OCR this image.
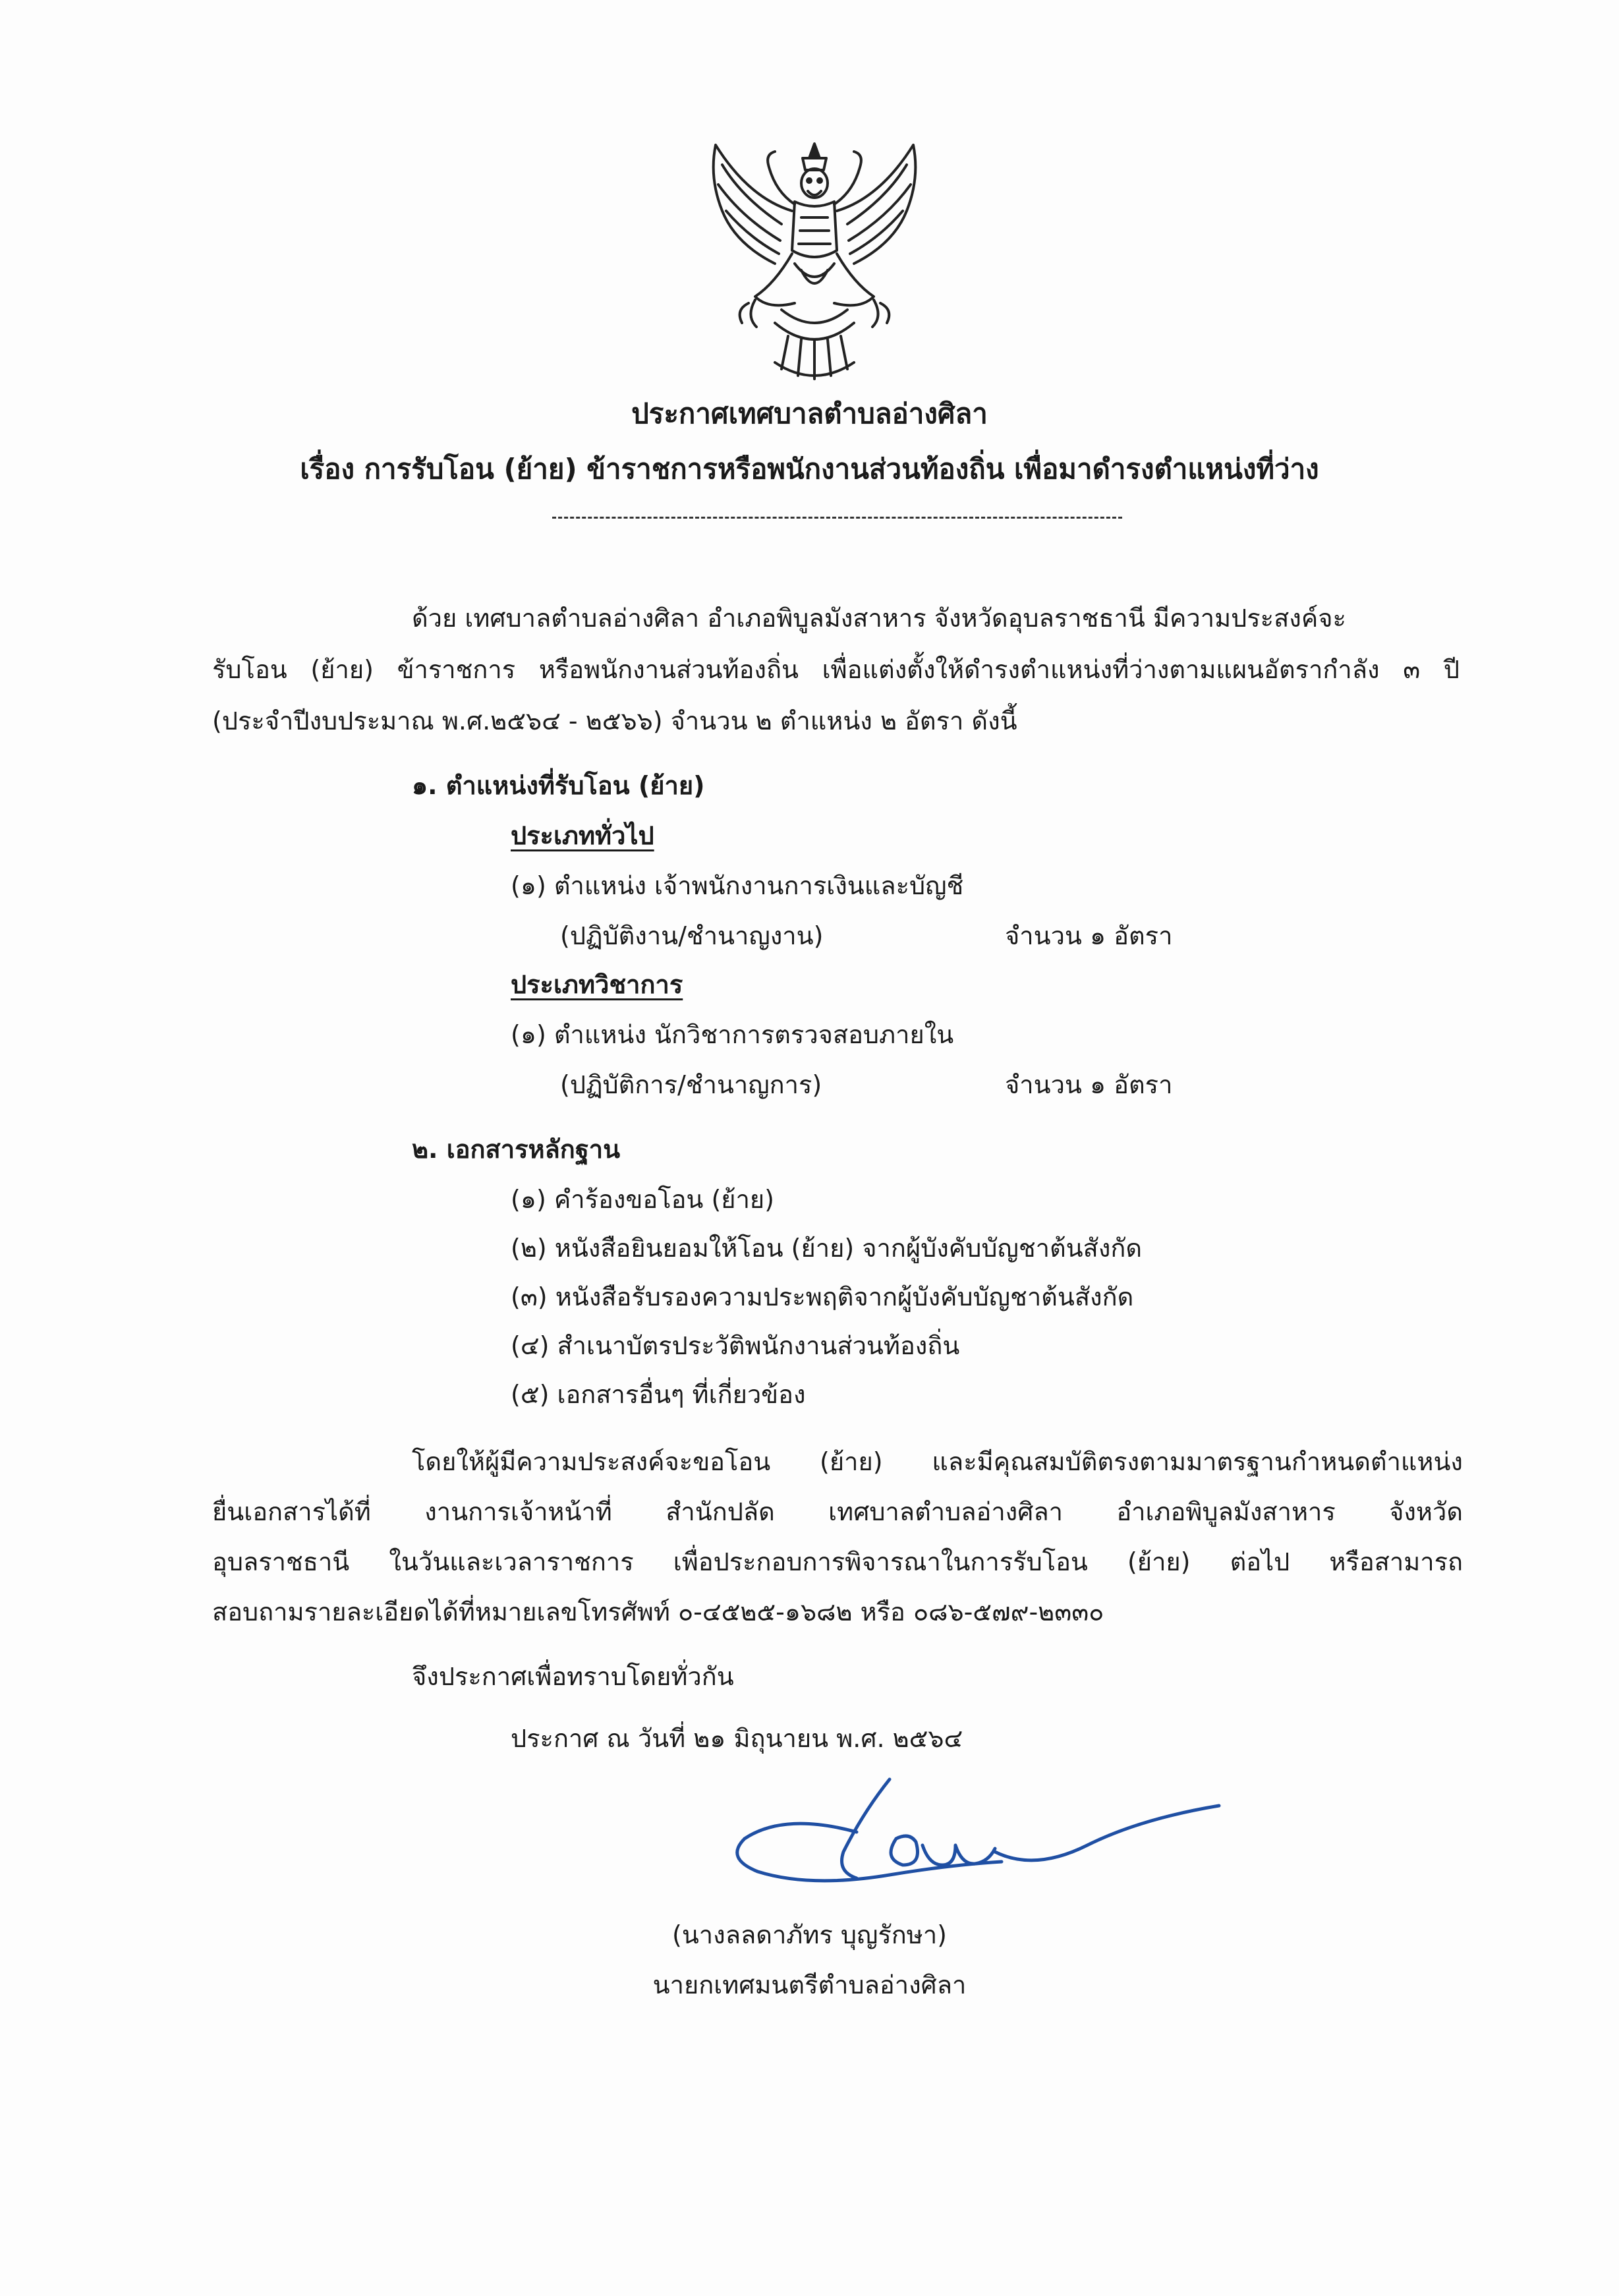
ประกาศเทศบาลตำบลอ่างศิลา
เรื่อง การรับโอน (ย้าย) ข้าราชการหรือพนักงานส่วนท้องถิ่น เพื่อมาดำรงตำแหน่งที่ว่าง
ด้วย เทศบาลตำบลอ่างศิลา อำเภอพิบูลมังสาหาร จังหวัดอุบลราชธานี มีความประสงค์จะ
รับโอน (ย้าย) ข้าราชการ หรือพนักงานส่วนท้องถิ่น เพื่อแต่งตั้งให้ดำรงตำแหน่งที่ว่างตามแผนอัตรากำลัง ๓ ปี
(ประจำปีงบประมาณ พ.ศ.๒๕๖๔ - ๒๕๖๖) จำนวน ๒ ตำแหน่ง ๒ อัตรา ดังนี้
๑. ตำแหน่งที่รับโอน (ย้าย)
ประเภททั่วไป
(๑) ตำแหน่ง เจ้าพนักงานการเงินและบัญชี
(ปฏิบัติงาน/ชำนาญงาน)	จำนวน ๑ อัตรา
ประเภทวิชาการ
(๑) ตำแหน่ง นักวิชาการตรวจสอบภายใน
(ปฏิบัติการ/ชำนาญการ)	จำนวน ๑ อัตรา
๒. เอกสารหลักฐาน
(๑) คำร้องขอโอน (ย้าย)
(๒) หนังสือยินยอมให้โอน (ย้าย) จากผู้บังคับบัญชาต้นสังกัด
(๓) หนังสือรับรองความประพฤติจากผู้บังคับบัญชาต้นสังกัด
(๔) สำเนาบัตรประวัติพนักงานส่วนท้องถิ่น
(๕) เอกสารอื่นๆ ที่เกี่ยวข้อง
โดยให้ผู้มีความประสงค์จะขอโอน (ย้าย) และมีคุณสมบัติตรงตามมาตรฐานกำหนดตำแหน่ง
ยื่นเอกสารได้ที่ งานการเจ้าหน้าที่ สำนักปลัด เทศบาลตำบลอ่างศิลา อำเภอพิบูลมังสาหาร จังหวัด
อุบลราชธานี ในวันและเวลาราชการ เพื่อประกอบการพิจารณาในการรับโอน (ย้าย) ต่อไป หรือสามารถ
สอบถามรายละเอียดได้ที่หมายเลขโทรศัพท์ ๐-๔๕๒๕-๑๖๘๒ หรือ ๐๘๖-๕๗๙-๒๓๓๐
จึงประกาศเพื่อทราบโดยทั่วกัน
ประกาศ ณ วันที่ ๒๑ มิถุนายน พ.ศ. ๒๕๖๔
(นางลลดาภัทร บุญรักษา)
นายกเทศมนตรีตำบลอ่างศิลา
